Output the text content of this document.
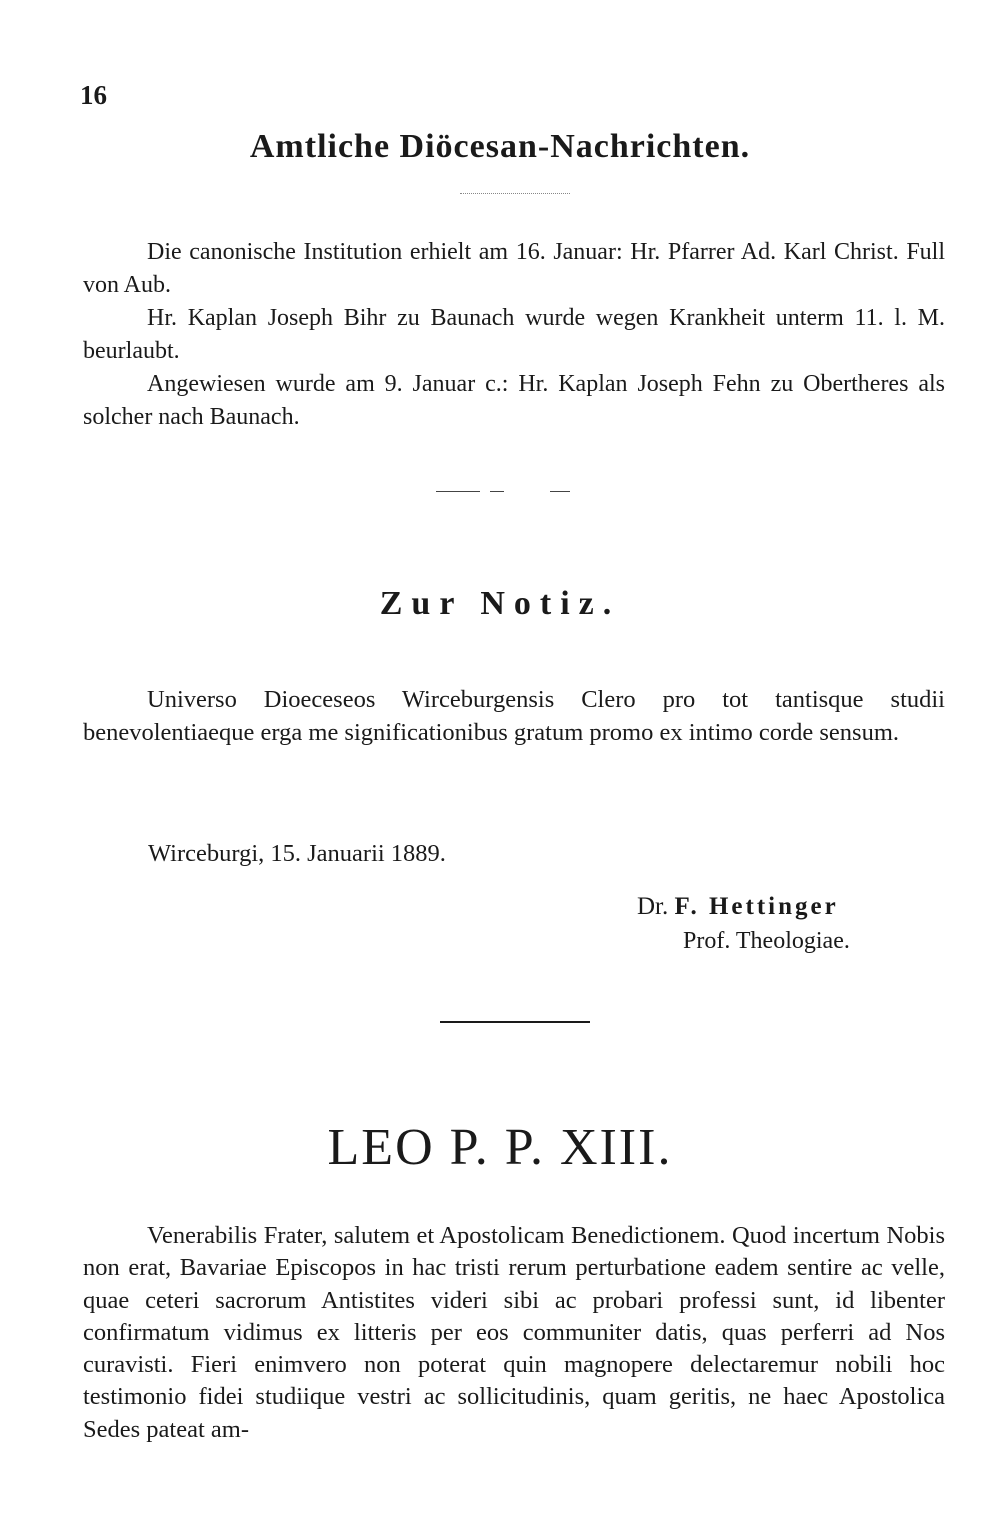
16
Amtliche Diöcesan-Nachrichten.

Die canonische Institution erhielt am 16. Januar: Hr. Pfarrer Ad. Karl Christ. Full von Aub.

Hr. Kaplan Joseph Bihr zu Baunach wurde wegen Krankheit unterm 11. l. M. beurlaubt.

Angewiesen wurde am 9. Januar c.: Hr. Kaplan Joseph Fehn zu Obertheres als solcher nach Baunach.

Zur Notiz.

Universo Dioeceseos Wirceburgensis Clero pro tot tantisque studii benevolentiaeque erga me significationibus gratum promo ex intimo corde sensum.

Wirceburgi, 15. Januarii 1889.
Dr. F. Hettinger
Prof. Theologiae.
LEO P. P. XIII.

Venerabilis Frater, salutem et Apostolicam Benedictionem. Quod incertum Nobis non erat, Bavariae Episcopos in hac tristi rerum perturbatione eadem sentire ac velle, quae ceteri sacrorum Antistites videri sibi ac probari professi sunt, id libenter confirmatum vidimus ex litteris per eos communiter datis, quas perferri ad Nos curavisti. Fieri enimvero non poterat quin magnopere delectaremur nobili hoc testimonio fidei studiique vestri ac sollicitudinis, quam geritis, ne haec Apostolica Sedes pateat am-
